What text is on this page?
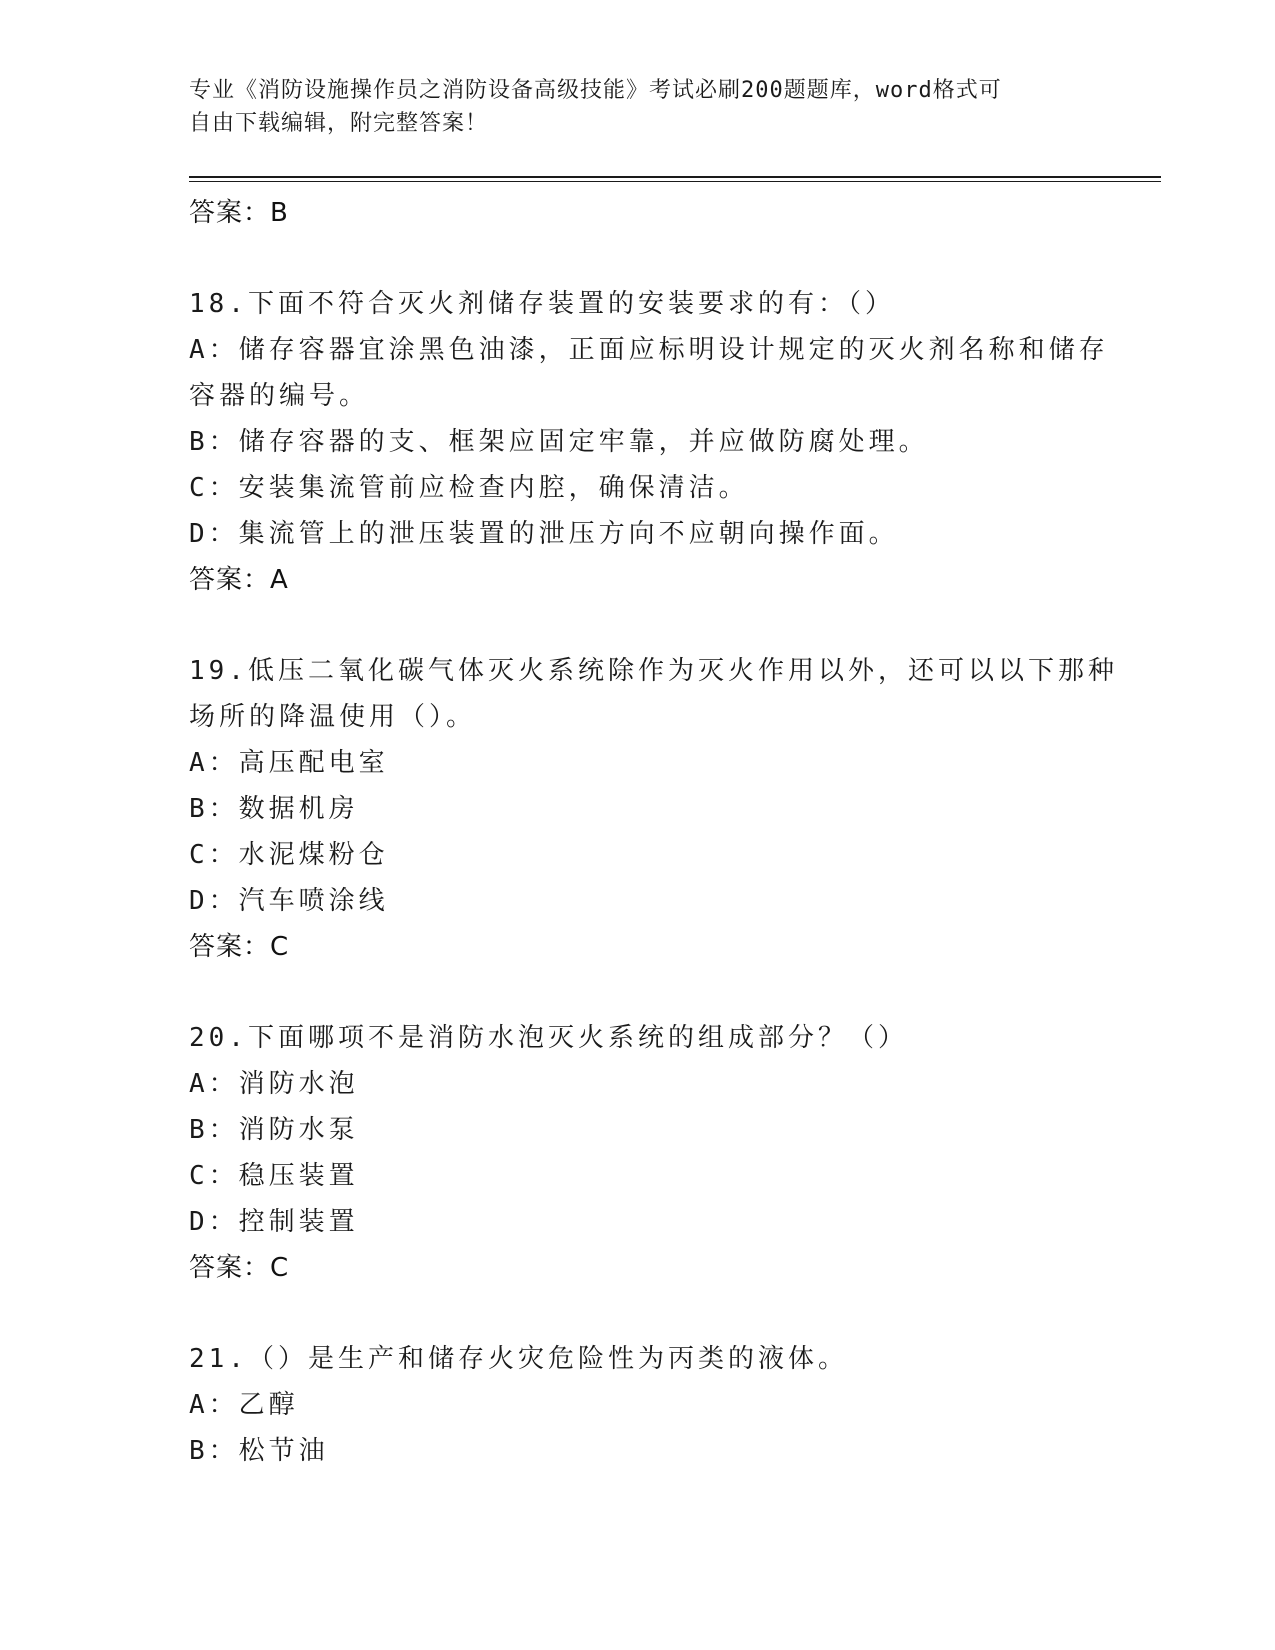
专业《消防设施操作员之消防设备高级技能》考试必刷200题题库，word格式可
自由下载编辑，附完整答案！
答案：B
18.下面不符合灭火剂储存装置的安装要求的有：（）
A：储存容器宜涂黑色油漆，正面应标明设计规定的灭火剂名称和储存
容器的编号。
B：储存容器的支、框架应固定牢靠，并应做防腐处理。
C：安装集流管前应检查内腔，确保清洁。
D：集流管上的泄压装置的泄压方向不应朝向操作面。
答案：A
19.低压二氧化碳气体灭火系统除作为灭火作用以外，还可以以下那种
场所的降温使用（）。
A：高压配电室
B：数据机房
C：水泥煤粉仓
D：汽车喷涂线
答案：C
20.下面哪项不是消防水泡灭火系统的组成部分？（）
A：消防水泡
B：消防水泵
C：稳压装置
D：控制装置
答案：C
21.（）是生产和储存火灾危险性为丙类的液体。
A：乙醇
B：松节油
